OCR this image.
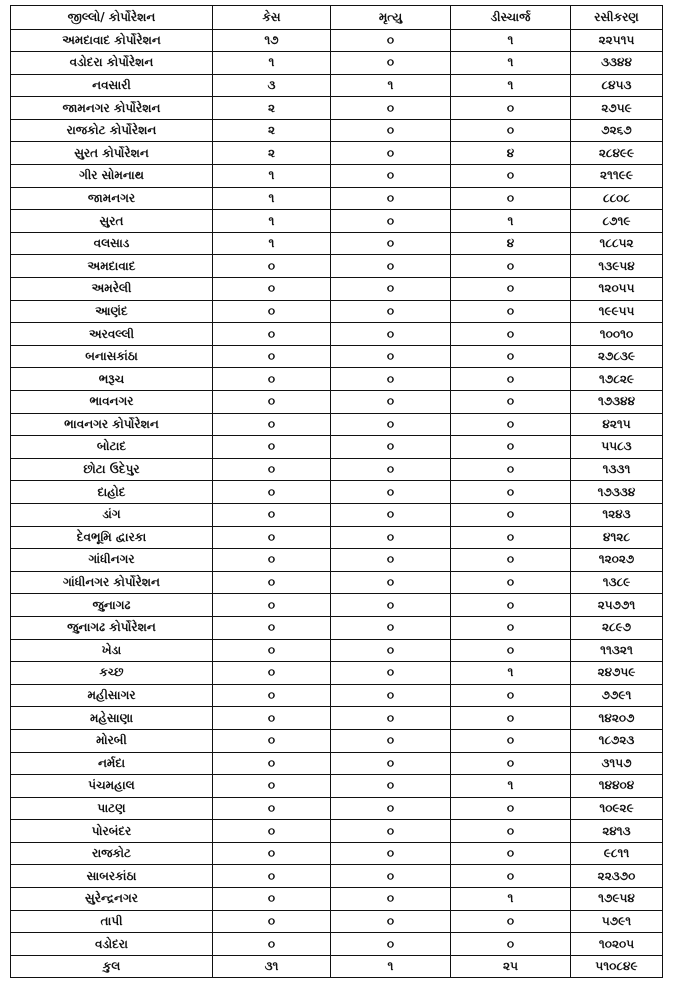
જીલ્લો/ કોર્પોરેશન	કેસ	મૃત્યુ	ડીસ્ચાર્જ	રસીકરણ
અમદાવાદ કોર્પોરેશન	૧૭	૦	૧	૨૨૫૧૫
વડોદરા કોર્પોરેશન	૧	૦	૧	૩૩૪૪
નવસારી	૩	૧	૧	૮૪૫૩
જામનગર કોર્પોરેશન	૨	૦	૦	૨૭૫૯
રાજકોટ કોર્પોરેશન	૨	૦	૦	૭૨૬૭
સુરત કોર્પોરેશન	૨	૦	૪	૨૮૪૯૯
ગીર સોમનાથ	૧	૦	૦	૨૧૧૯૯
જામનગર	૧	૦	૦	૮૮૦૮
સુરત	૧	૦	૧	૮૭૧૯
વલસાડ	૧	૦	૪	૧૮૮૫૨
અમદાવાદ	૦	૦	૦	૧૩૯૫૪
અમરેલી	૦	૦	૦	૧૨૦૫૫
આણંદ	૦	૦	૦	૧૯૯૫૫
અરવલ્લી	૦	૦	૦	૧૦૦૧૦
બનાસકાંઠા	૦	૦	૦	૨૭૮૩૯
ભરૂચ	૦	૦	૦	૧૭૮૨૯
ભાવનગર	૦	૦	૦	૧૭૩૪૪
ભાવનગર કોર્પોરેશન	૦	૦	૦	૪૨૧૫
બોટાદ	૦	૦	૦	૫૫૮૩
છોટા ઉદેપુર	૦	૦	૦	૧૩૩૧
દાહોદ	૦	૦	૦	૧૭૩૩૪
ડાંગ	૦	૦	૦	૧૨૪૩
દેવભૂમિ દ્વારકા	૦	૦	૦	૪૧૨૮
ગાંધીનગર	૦	૦	૦	૧૨૦૨૭
ગાંધીનગર કોર્પોરેશન	૦	૦	૦	૧૩૮૯
જુનાગઢ	૦	૦	૦	૨૫૭૭૧
જુનાગઢ કોર્પોરેશન	૦	૦	૦	૨૮૯૭
ખેડા	૦	૦	૦	૧૧૩૨૧
કચ્છ	૦	૦	૧	૨૪૭૫૯
મહીસાગર	૦	૦	૦	૭૭૯૧
મહેસાણા	૦	૦	૦	૧૪૨૦૭
મોરબી	૦	૦	૦	૧૮૭૨૩
નર્મદા	૦	૦	૦	૩૧૫૭
પંચમહાલ	૦	૦	૧	૧૪૪૦૪
પાટણ	૦	૦	૦	૧૦૯૨૯
પોરબંદર	૦	૦	૦	૨૪૧૩
રાજકોટ	૦	૦	૦	૯૮૧૧
સાબરકાંઠા	૦	૦	૦	૨૨૩૭૦
સુરેન્દ્રનગર	૦	૦	૧	૧૭૯૫૪
તાપી	૦	૦	૦	૫૭૯૧
વડોદરા	૦	૦	૦	૧૦૨૦૫
કુલ	૩૧	૧	૨૫	૫૧૦૮૪૯
